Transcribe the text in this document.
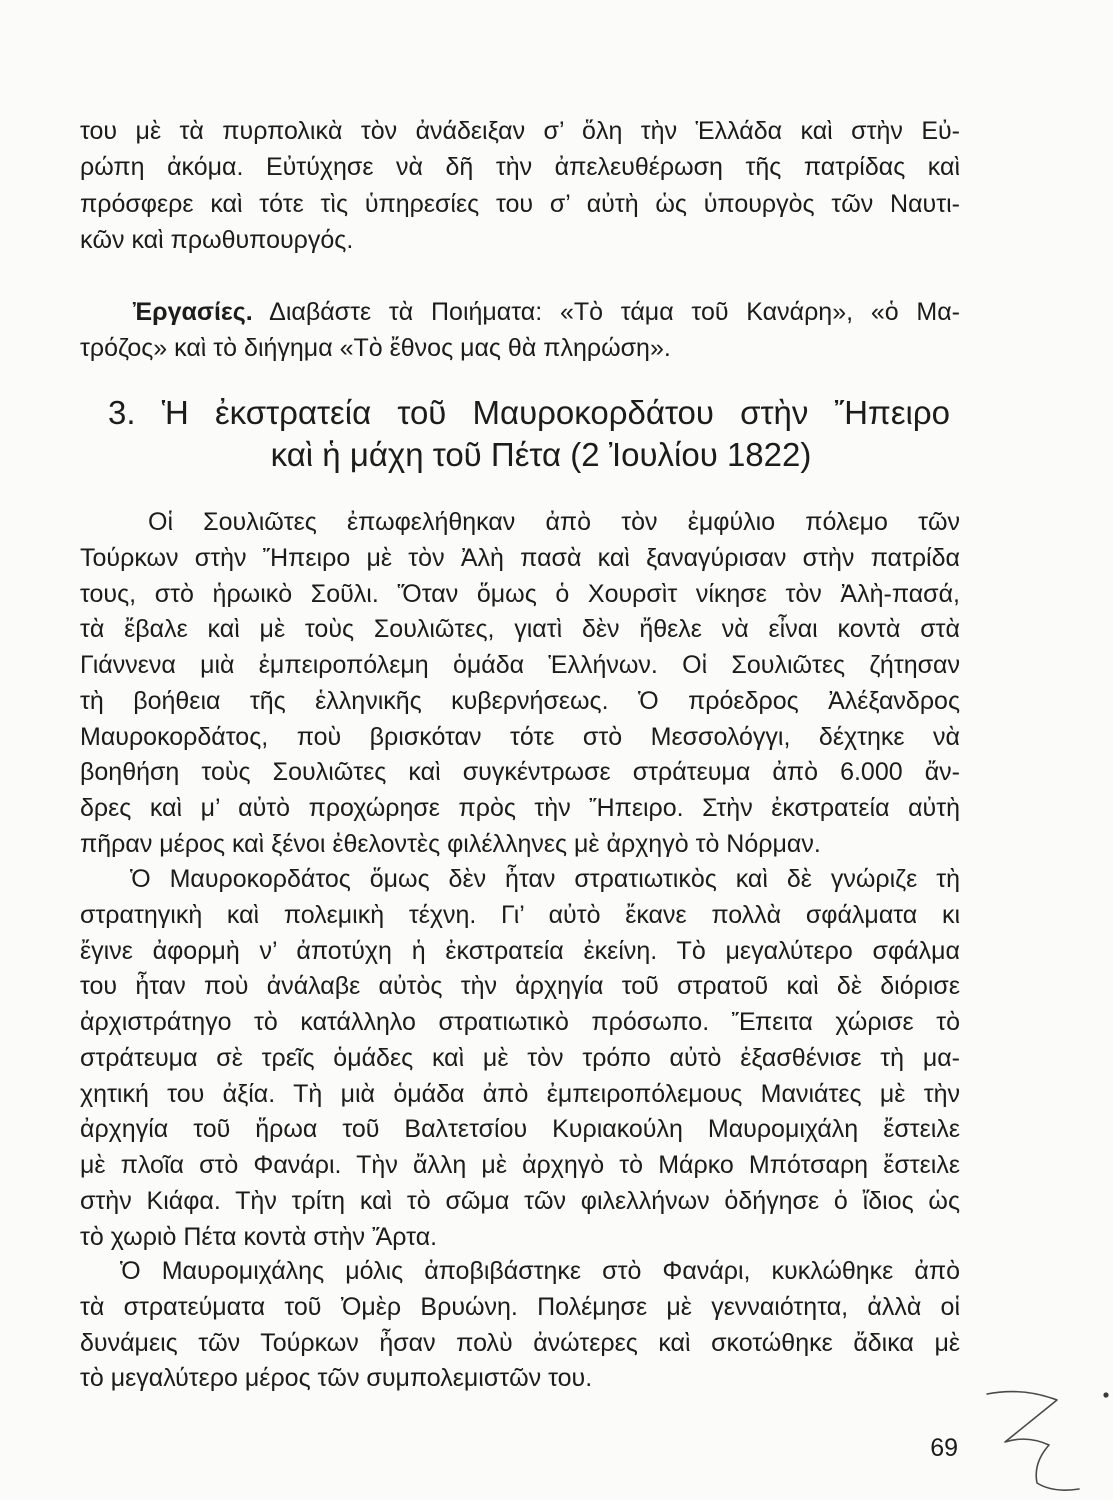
του μὲ τὰ πυρπολικὰ τὸν ἀνάδειξαν σ’ ὅλη τὴν Ἑλλάδα καὶ στὴν Εὐ-
ρώπη ἀκόμα. Εὐτύχησε νὰ δῆ τὴν ἀπελευθέρωση τῆς πατρίδας καὶ
πρόσφερε καὶ τότε τὶς ὑπηρεσίες του σ’ αὐτὴ ὡς ὑπουργὸς τῶν Ναυτι-
κῶν καὶ πρωθυπουργός.
Ἐργασίες. Διαβάστε τὰ Ποιήματα: «Τὸ τάμα τοῦ Κανάρη», «ὁ Μα-
τρόζος» καὶ τὸ διήγημα «Τὸ ἔθνος μας θὰ πληρώση».
3. Ἡ ἐκστρατεία τοῦ Μαυροκορδάτου στὴν Ἤπειρο
καὶ ἡ μάχη τοῦ Πέτα (2 Ἰουλίου 1822)
Οἱ Σουλιῶτες ἐπωφελήθηκαν ἀπὸ τὸν ἐμφύλιο πόλεμο τῶν
Τούρκων στὴν Ἤπειρο μὲ τὸν Ἀλὴ πασὰ καὶ ξαναγύρισαν στὴν πατρίδα
τους, στὸ ἡρωικὸ Σοῦλι. Ὅταν ὅμως ὁ Χουρσὶτ νίκησε τὸν Ἀλὴ-πασά,
τὰ ἔβαλε καὶ μὲ τοὺς Σουλιῶτες, γιατὶ δὲν ἤθελε νὰ εἶναι κοντὰ στὰ
Γιάννενα μιὰ ἐμπειροπόλεμη ὁμάδα Ἑλλήνων. Οἱ Σουλιῶτες ζήτησαν
τὴ βοήθεια τῆς ἑλληνικῆς κυβερνήσεως. Ὁ πρόεδρος Ἀλέξανδρος
Μαυροκορδάτος, ποὺ βρισκόταν τότε στὸ Μεσσολόγγι, δέχτηκε νὰ
βοηθήση τοὺς Σουλιῶτες καὶ συγκέντρωσε στράτευμα ἀπὸ 6.000 ἄν-
δρες καὶ μ’ αὐτὸ προχώρησε πρὸς τὴν Ἤπειρο. Στὴν ἐκστρατεία αὐτὴ
πῆραν μέρος καὶ ξένοι ἐθελοντὲς φιλέλληνες μὲ ἀρχηγὸ τὸ Νόρμαν.
Ὁ Μαυροκορδάτος ὅμως δὲν ἦταν στρατιωτικὸς καὶ δὲ γνώριζε τὴ
στρατηγικὴ καὶ πολεμικὴ τέχνη. Γι’ αὐτὸ ἔκανε πολλὰ σφάλματα κι
ἔγινε ἀφορμὴ ν’ ἀποτύχη ἡ ἐκστρατεία ἐκείνη. Τὸ μεγαλύτερο σφάλμα
του ἦταν ποὺ ἀνάλαβε αὐτὸς τὴν ἀρχηγία τοῦ στρατοῦ καὶ δὲ διόρισε
ἀρχιστράτηγο τὸ κατάλληλο στρατιωτικὸ πρόσωπο. Ἔπειτα χώρισε τὸ
στράτευμα σὲ τρεῖς ὁμάδες καὶ μὲ τὸν τρόπο αὐτὸ ἐξασθένισε τὴ μα-
χητική του ἀξία. Τὴ μιὰ ὁμάδα ἀπὸ ἐμπειροπόλεμους Μανιάτες μὲ τὴν
ἀρχηγία τοῦ ἥρωα τοῦ Βαλτετσίου Κυριακούλη Μαυρομιχάλη ἔστειλε
μὲ πλοῖα στὸ Φανάρι. Τὴν ἄλλη μὲ ἀρχηγὸ τὸ Μάρκο Μπότσαρη ἔστειλε
στὴν Κιάφα. Τὴν τρίτη καὶ τὸ σῶμα τῶν φιλελλήνων ὁδήγησε ὁ ἴδιος ὡς
τὸ χωριὸ Πέτα κοντὰ στὴν Ἄρτα.
Ὁ Μαυρομιχάλης μόλις ἀποβιβάστηκε στὸ Φανάρι, κυκλώθηκε ἀπὸ
τὰ στρατεύματα τοῦ Ὀμὲρ Βρυώνη. Πολέμησε μὲ γενναιότητα, ἀλλὰ οἱ
δυνάμεις τῶν Τούρκων ἦσαν πολὺ ἀνώτερες καὶ σκοτώθηκε ἄδικα μὲ
τὸ μεγαλύτερο μέρος τῶν συμπολεμιστῶν του.
69
